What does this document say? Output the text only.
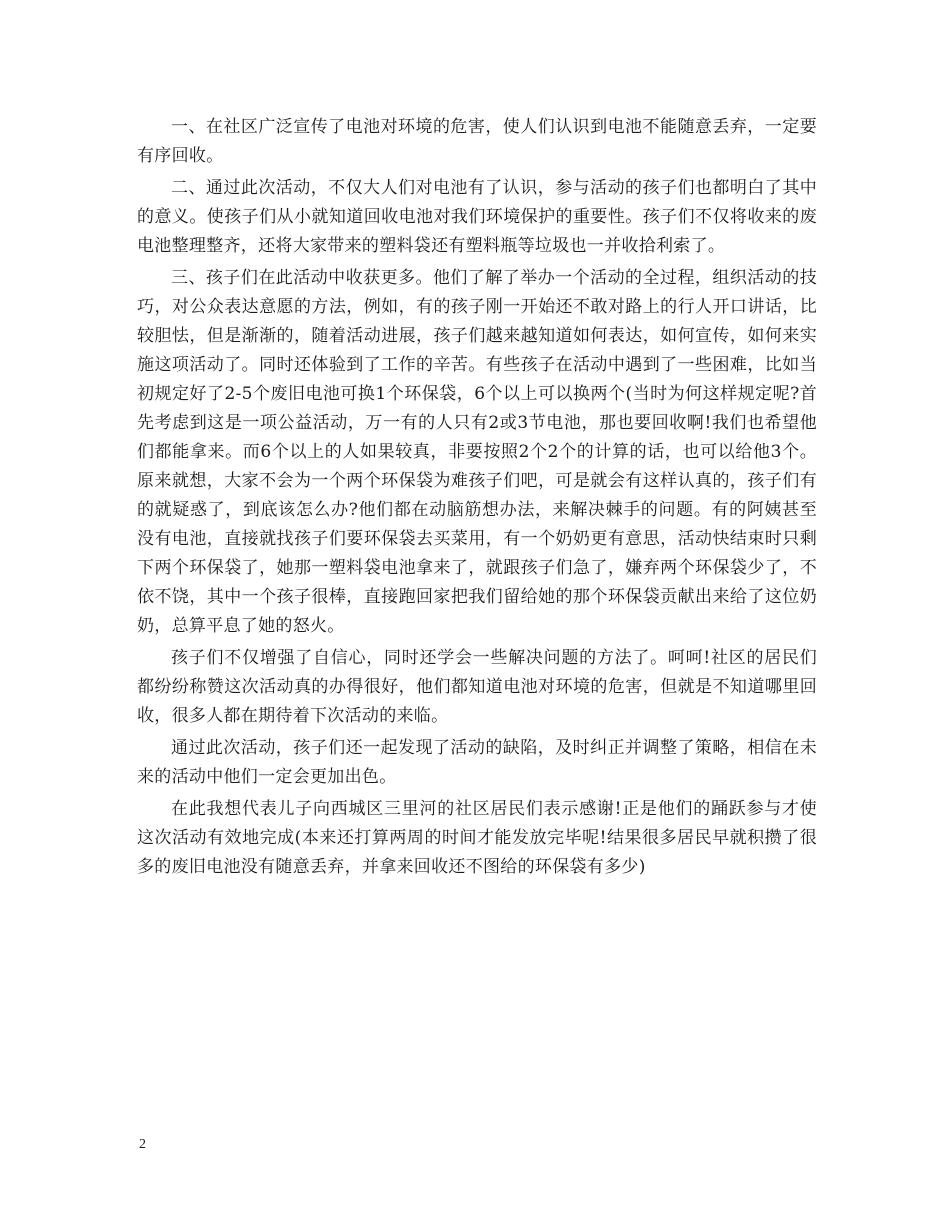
一、在社区广泛宣传了电池对环境的危害，使人们认识到电池不能随意丢弃，一定要有序回收。

二、通过此次活动，不仅大人们对电池有了认识，参与活动的孩子们也都明白了其中的意义。使孩子们从小就知道回收电池对我们环境保护的重要性。孩子们不仅将收来的废电池整理整齐，还将大家带来的塑料袋还有塑料瓶等垃圾也一并收拾利索了。

三、孩子们在此活动中收获更多。他们了解了举办一个活动的全过程，组织活动的技巧，对公众表达意愿的方法，例如，有的孩子刚一开始还不敢对路上的行人开口讲话，比较胆怯，但是渐渐的，随着活动进展，孩子们越来越知道如何表达，如何宣传，如何来实施这项活动了。同时还体验到了工作的辛苦。有些孩子在活动中遇到了一些困难，比如当初规定好了2-5个废旧电池可换1个环保袋，6个以上可以换两个(当时为何这样规定呢?首先考虑到这是一项公益活动，万一有的人只有2或3节电池，那也要回收啊!我们也希望他们都能拿来。而6个以上的人如果较真，非要按照2个2个的计算的话，也可以给他3个。原来就想，大家不会为一个两个环保袋为难孩子们吧，可是就会有这样认真的，孩子们有的就疑惑了，到底该怎么办?他们都在动脑筋想办法，来解决棘手的问题。有的阿姨甚至没有电池，直接就找孩子们要环保袋去买菜用，有一个奶奶更有意思，活动快结束时只剩下两个环保袋了，她那一塑料袋电池拿来了，就跟孩子们急了，嫌弃两个环保袋少了，不依不饶，其中一个孩子很棒，直接跑回家把我们留给她的那个环保袋贡献出来给了这位奶奶，总算平息了她的怒火。

孩子们不仅增强了自信心，同时还学会一些解决问题的方法了。呵呵!社区的居民们都纷纷称赞这次活动真的办得很好，他们都知道电池对环境的危害，但就是不知道哪里回收，很多人都在期待着下次活动的来临。

通过此次活动，孩子们还一起发现了活动的缺陷，及时纠正并调整了策略，相信在未来的活动中他们一定会更加出色。

在此我想代表儿子向西城区三里河的社区居民们表示感谢!正是他们的踊跃参与才使这次活动有效地完成(本来还打算两周的时间才能发放完毕呢!结果很多居民早就积攒了很多的废旧电池没有随意丢弃，并拿来回收还不图给的环保袋有多少)

2
